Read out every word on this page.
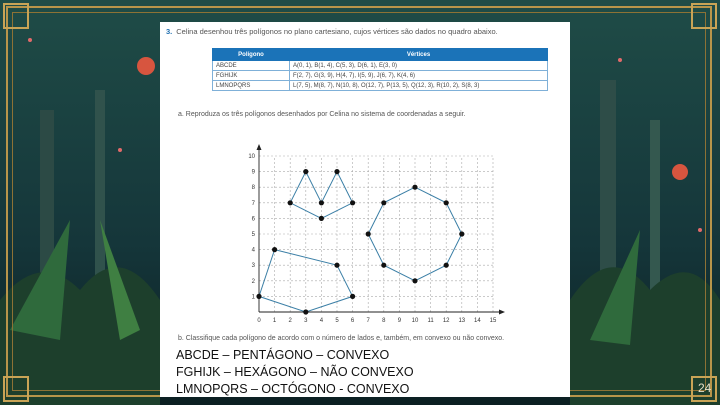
3. Celina desenhou três polígonos no plano cartesiano, cujos vértices são dados no quadro abaixo.
Polígono	Vértices
ABCDE	A(0, 1), B(1, 4), C(5, 3), D(6, 1), E(3, 0)
FGHIJK	F(2, 7), G(3, 9), H(4, 7), I(5, 9), J(6, 7), K(4, 6)
LMNOPQRS	L(7, 5), M(8, 7), N(10, 8), O(12, 7), P(13, 5), Q(12, 3), R(10, 2), S(8, 3)
a. Reproduza os três polígonos desenhados por Celina no sistema de coordenadas a seguir.
0 1 2 3 4 5 6 7 8 9 10 11 12 13 14 15
1
2
3
4
5
6
7
8
9
10
b. Classifique cada polígono de acordo com o número de lados e, também, em convexo ou não convexo.
ABCDE – PENTÁGONO – CONVEXO
FGHIJK – HEXÁGONO – NÃO CONVEXO
LMNOPQRS – OCTÓGONO - CONVEXO	24
